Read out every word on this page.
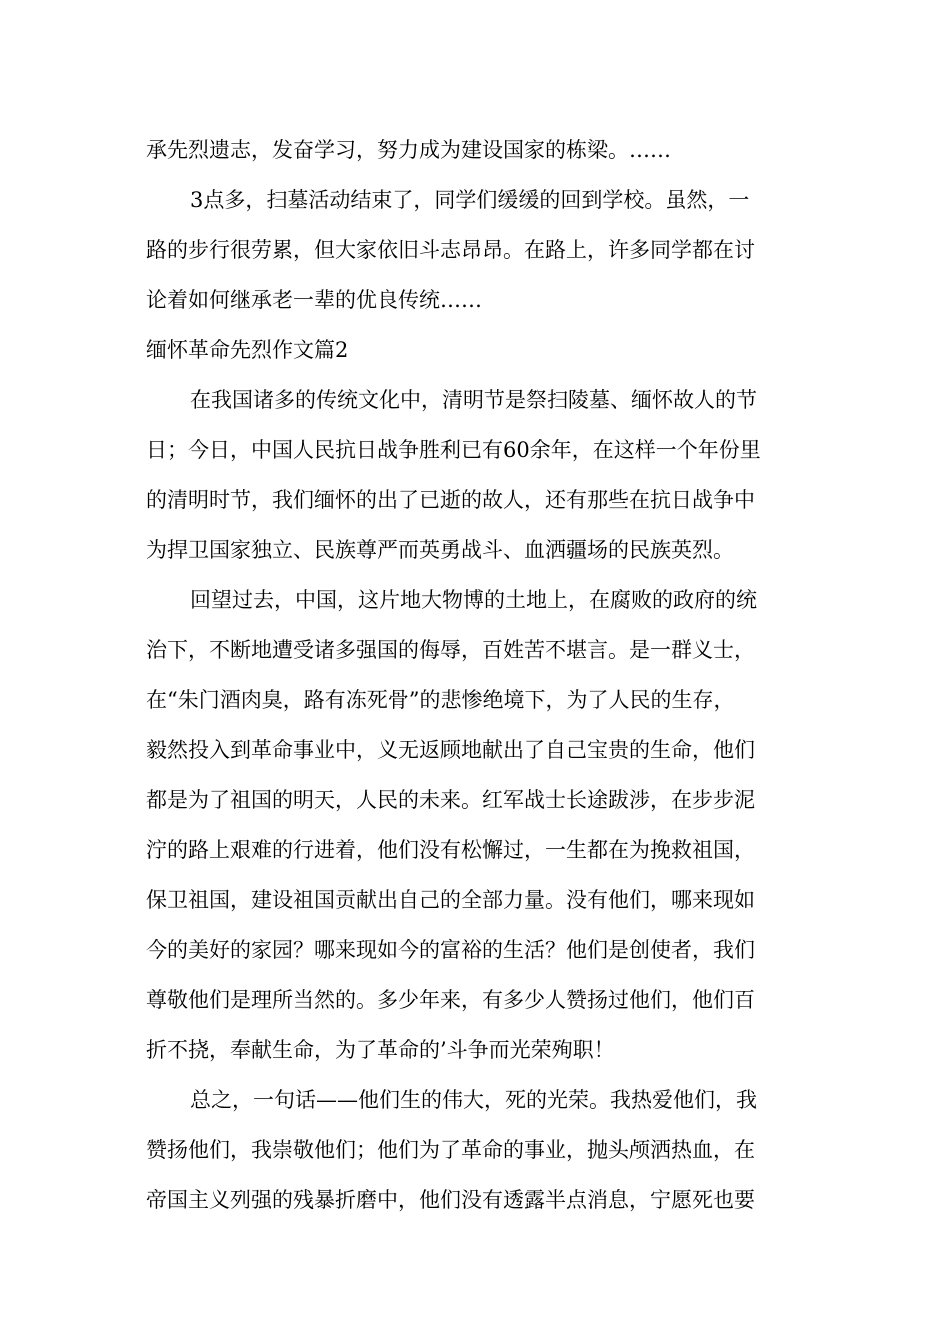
承先烈遗志，发奋学习，努力成为建设国家的栋梁。……

3点多，扫墓活动结束了，同学们缓缓的回到学校。虽然，一

路的步行很劳累，但大家依旧斗志昂昂。在路上，许多同学都在讨

论着如何继承老一辈的优良传统……

缅怀革命先烈作文篇2

在我国诸多的传统文化中，清明节是祭扫陵墓、缅怀故人的节

日；今日，中国人民抗日战争胜利已有60余年，在这样一个年份里

的清明时节，我们缅怀的出了已逝的故人，还有那些在抗日战争中

为捍卫国家独立、民族尊严而英勇战斗、血洒疆场的民族英烈。

回望过去，中国，这片地大物博的土地上，在腐败的政府的统

治下，不断地遭受诸多强国的侮辱，百姓苦不堪言。是一群义士，

在“朱门酒肉臭，路有冻死骨”的悲惨绝境下，为了人民的生存，

毅然投入到革命事业中，义无返顾地献出了自己宝贵的生命，他们

都是为了祖国的明天，人民的未来。红军战士长途跋涉，在步步泥

泞的路上艰难的行进着，他们没有松懈过，一生都在为挽救祖国，

保卫祖国，建设祖国贡献出自己的全部力量。没有他们，哪来现如

今的美好的家园？哪来现如今的富裕的生活？他们是创使者，我们

尊敬他们是理所当然的。多少年来，有多少人赞扬过他们，他们百

折不挠，奉献生命，为了革命的’斗争而光荣殉职！

总之，一句话——他们生的伟大，死的光荣。我热爱他们，我

赞扬他们，我崇敬他们；他们为了革命的事业，抛头颅洒热血，在

帝国主义列强的残暴折磨中，他们没有透露半点消息，宁愿死也要
